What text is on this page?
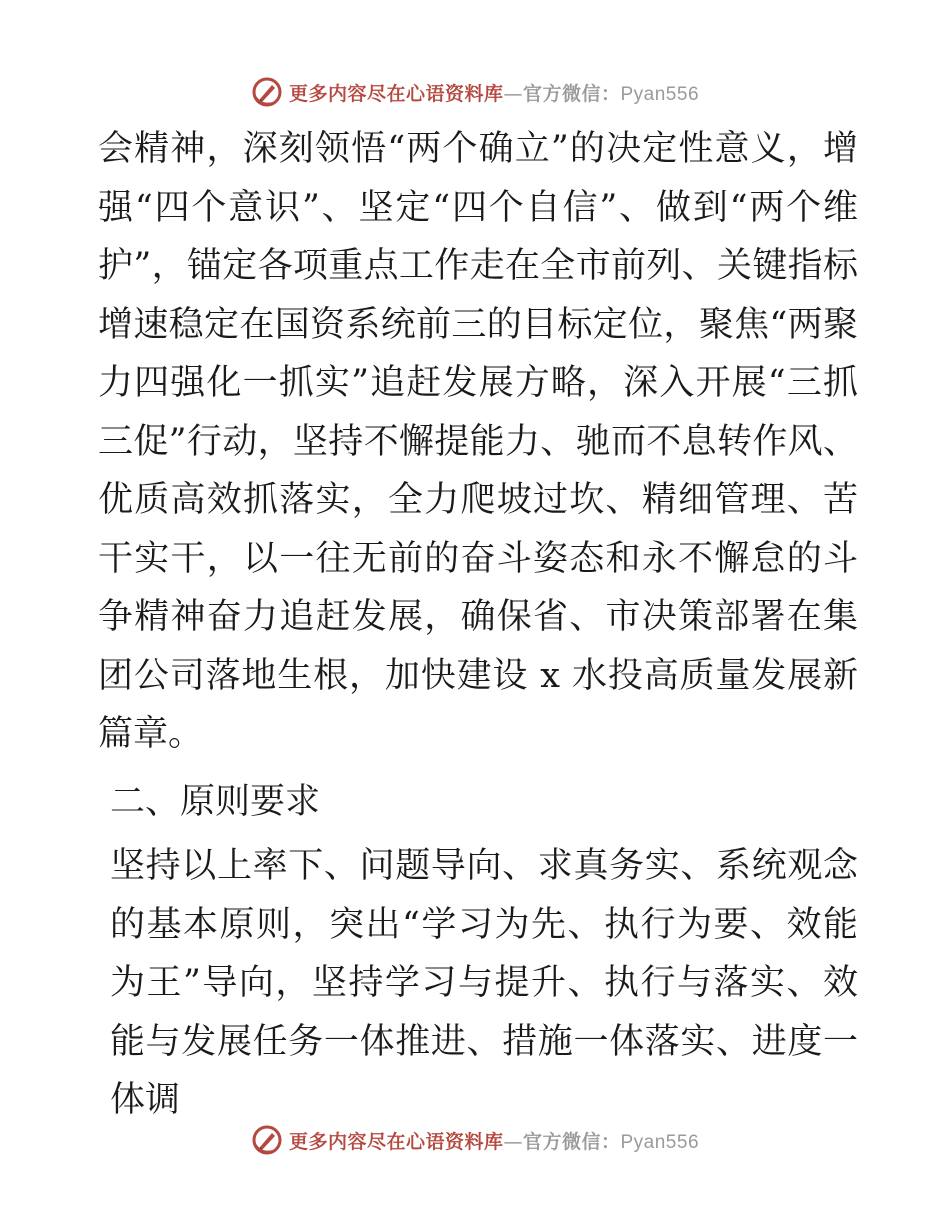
更多内容尽在心语资料库—官方微信：Pyan556

会精神，深刻领悟“两个确立”的决定性意义，增强“四个意识”、坚定“四个自信”、做到“两个维护”，锚定各项重点工作走在全市前列、关键指标增速稳定在国资系统前三的目标定位，聚焦“两聚力四强化一抓实”追赶发展方略，深入开展“三抓三促”行动，坚持不懈提能力、驰而不息转作风、优质高效抓落实，全力爬坡过坎、精细管理、苦干实干，以一往无前的奋斗姿态和永不懈怠的斗争精神奋力追赶发展，确保省、市决策部署在集团公司落地生根，加快建设 x 水投高质量发展新篇章。

二、原则要求

坚持以上率下、问题导向、求真务实、系统观念的基本原则，突出“学习为先、执行为要、效能为王”导向，坚持学习与提升、执行与落实、效能与发展任务一体推进、措施一体落实、进度一体调

更多内容尽在心语资料库—官方微信：Pyan556
